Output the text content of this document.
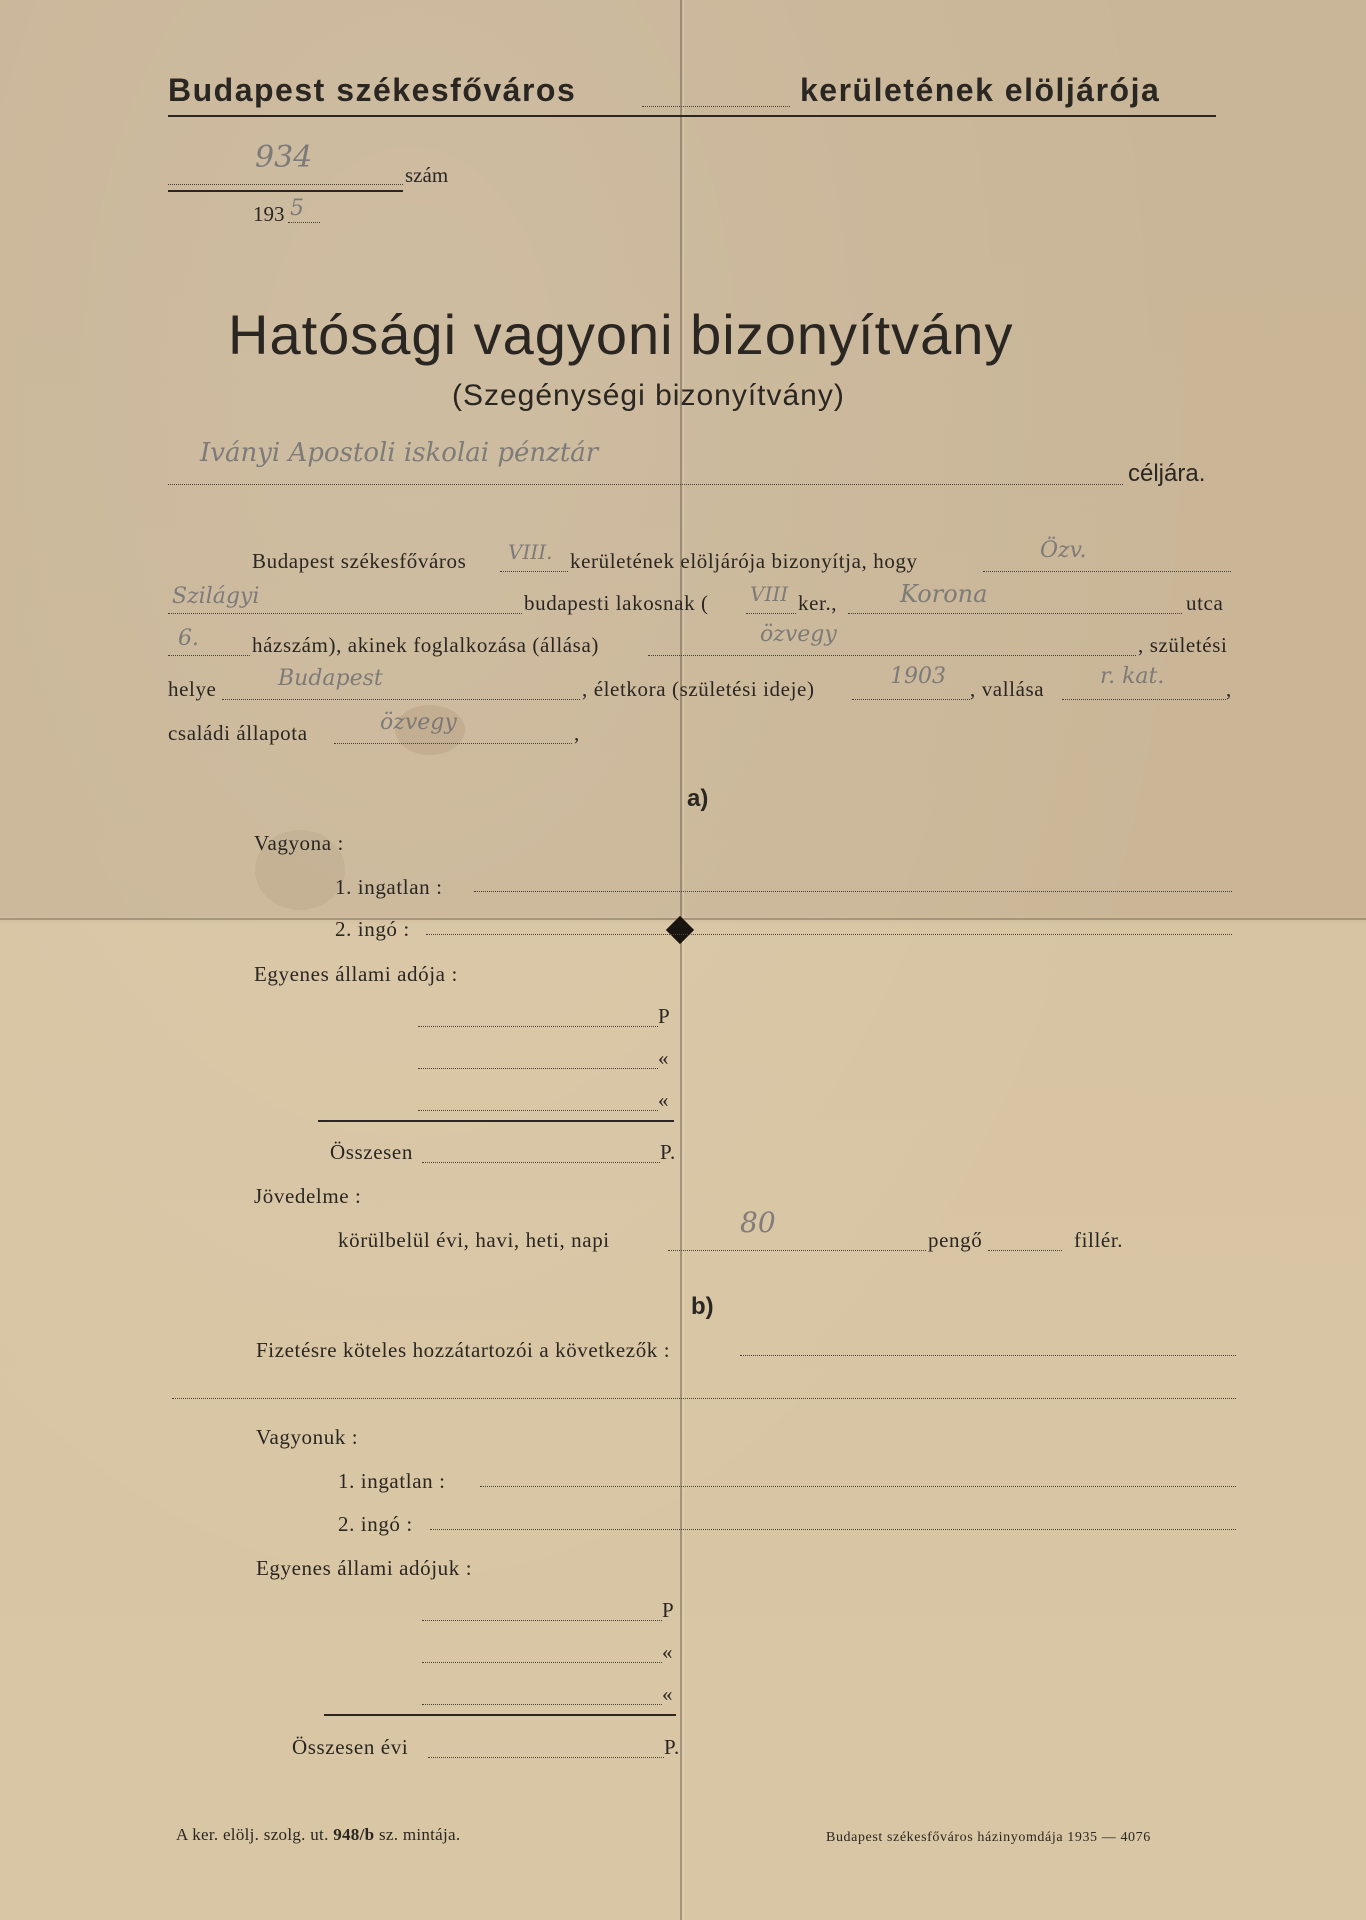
Budapest székesfőváros	kerületének elöljárója
934	szám
193 5
Hatósági vagyoni bizonyítvány
(Szegénységi bizonyítvány)
Iványi Apostoli iskolai pénztár
céljára.
Budapest székesfőváros VIII. kerületének elöljárója bizonyítja, hogy	Özv.
Szilágyi	budapesti lakosnak ( VIII ker.,	Korona	utca
6.	házszám), akinek foglalkozása (állása)	özvegy	, születési
helye	Budapest	, életkora (születési ideje)	1903 , vallása	r. kat.	,
családi állapota	özvegy	,
a)
Vagyona :
1. ingatlan :
2. ingó :
Egyenes állami adója :
P
«
«
Összesen	P.
Jövedelme :
körülbelül évi, havi, heti, napi
80
pengő	fillér.
b)
Fizetésre köteles hozzátartozói a következők :
Vagyonuk :
1. ingatlan :
2. ingó :
Egyenes állami adójuk :
P
«
«
Összesen évi	P.
A ker. elölj. szolg. ut. 948/b sz. mintája.	Budapest székesfőváros házinyomdája 1935 — 4076
